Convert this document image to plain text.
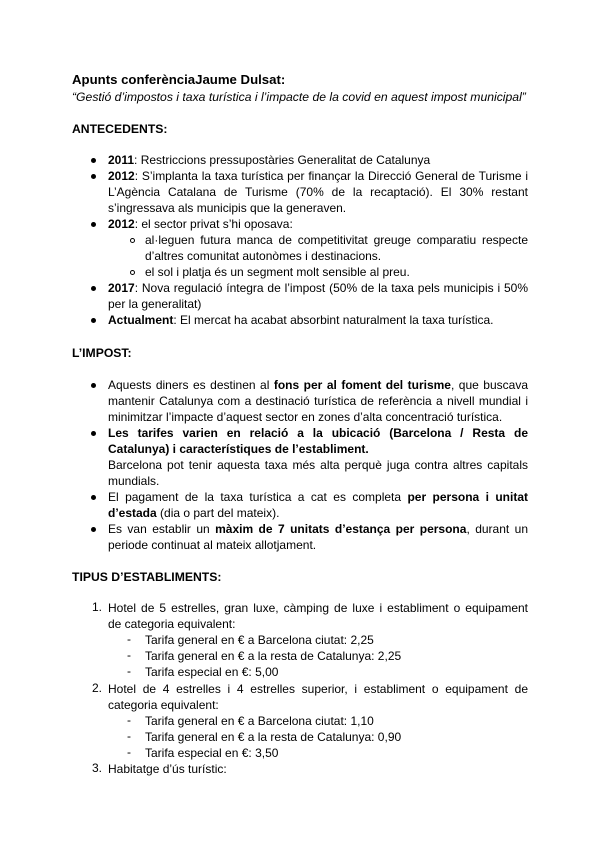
Apunts conferènciaJaume Dulsat:
“Gestió d’impostos i taxa turística i l’impacte de la covid en aquest impost municipal”
ANTECEDENTS:
2011: Restriccions pressupostàries Generalitat de Catalunya
2012: S’implanta la taxa turística per finançar la Direcció General de Turisme i
L’Agència Catalana de Turisme (70% de la recaptació). El 30% restant
s’ingressava als municipis que la generaven.
2012: el sector privat s’hi oposava:
al·leguen futura manca de competitivitat greuge comparatiu respecte
d’altres comunitat autonòmes i destinacions.
el sol i platja és un segment molt sensible al preu.
2017: Nova regulació íntegra de l’impost (50% de la taxa pels municipis i 50%
per la generalitat)
Actualment: El mercat ha acabat absorbint naturalment la taxa turística.
L’IMPOST:
Aquests diners es destinen al fons per al foment del turisme, que buscava
mantenir Catalunya com a destinació turística de referència a nivell mundial i
minimitzar l’impacte d’aquest sector en zones d’alta concentració turística.
Les tarifes varien en relació a la ubicació (Barcelona / Resta de
Catalunya) i característiques de l’establiment.
Barcelona pot tenir aquesta taxa més alta perquè juga contra altres capitals
mundials.
El pagament de la taxa turística a cat es completa per persona i unitat
d’estada (dia o part del mateix).
Es van establir un màxim de 7 unitats d’estança per persona, durant un
periode continuat al mateix allotjament.
TIPUS D’ESTABLIMENTS:
1. Hotel de 5 estrelles, gran luxe, càmping de luxe i establiment o equipament
de categoria equivalent:
- Tarifa general en € a Barcelona ciutat: 2,25
- Tarifa general en € a la resta de Catalunya: 2,25
- Tarifa especial en €: 5,00
2. Hotel de 4 estrelles i 4 estrelles superior, i establiment o equipament de
categoria equivalent:
- Tarifa general en € a Barcelona ciutat: 1,10
- Tarifa general en € a la resta de Catalunya: 0,90
- Tarifa especial en €: 3,50
3. Habitatge d’ús turístic:
